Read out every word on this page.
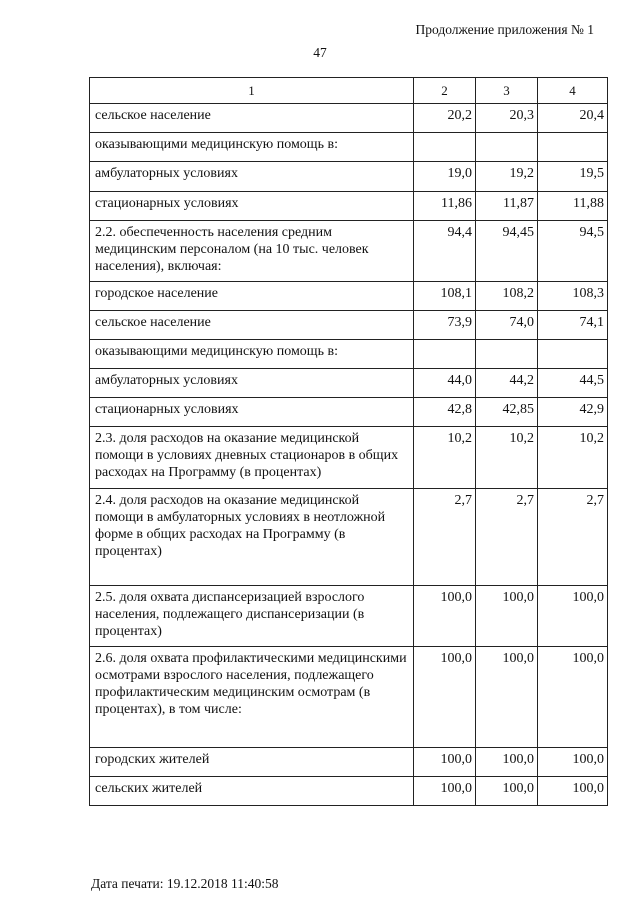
Продолжение приложения № 1
47
1	2	3	4
сельское население	20,2	20,3	20,4
оказывающими медицинскую помощь в:			
амбулаторных условиях	19,0	19,2	19,5
стационарных условиях	11,86	11,87	11,88
2.2. обеспеченность населения средним медицинским персоналом (на 10 тыс. человек населения), включая:	94,4	94,45	94,5
городское население	108,1	108,2	108,3
сельское население	73,9	74,0	74,1
оказывающими медицинскую помощь в:			
амбулаторных условиях	44,0	44,2	44,5
стационарных условиях	42,8	42,85	42,9
2.3. доля расходов на оказание медицинской помощи в условиях дневных стационаров в общих расходах на Программу (в процентах)	10,2	10,2	10,2
2.4. доля расходов на оказание медицинской помощи в амбулаторных условиях в неотложной форме в общих расходах на Программу (в процентах)	2,7	2,7	2,7
2.5. доля охвата диспансеризацией взрослого населения, подлежащего диспансеризации (в процентах)	100,0	100,0	100,0
2.6. доля охвата профилактическими медицинскими осмотрами взрослого населения, подлежащего профилактическим медицинским осмотрам (в процентах), в том числе:	100,0	100,0	100,0
городских жителей	100,0	100,0	100,0
сельских жителей	100,0	100,0	100,0
Дата печати: 19.12.2018 11:40:58
